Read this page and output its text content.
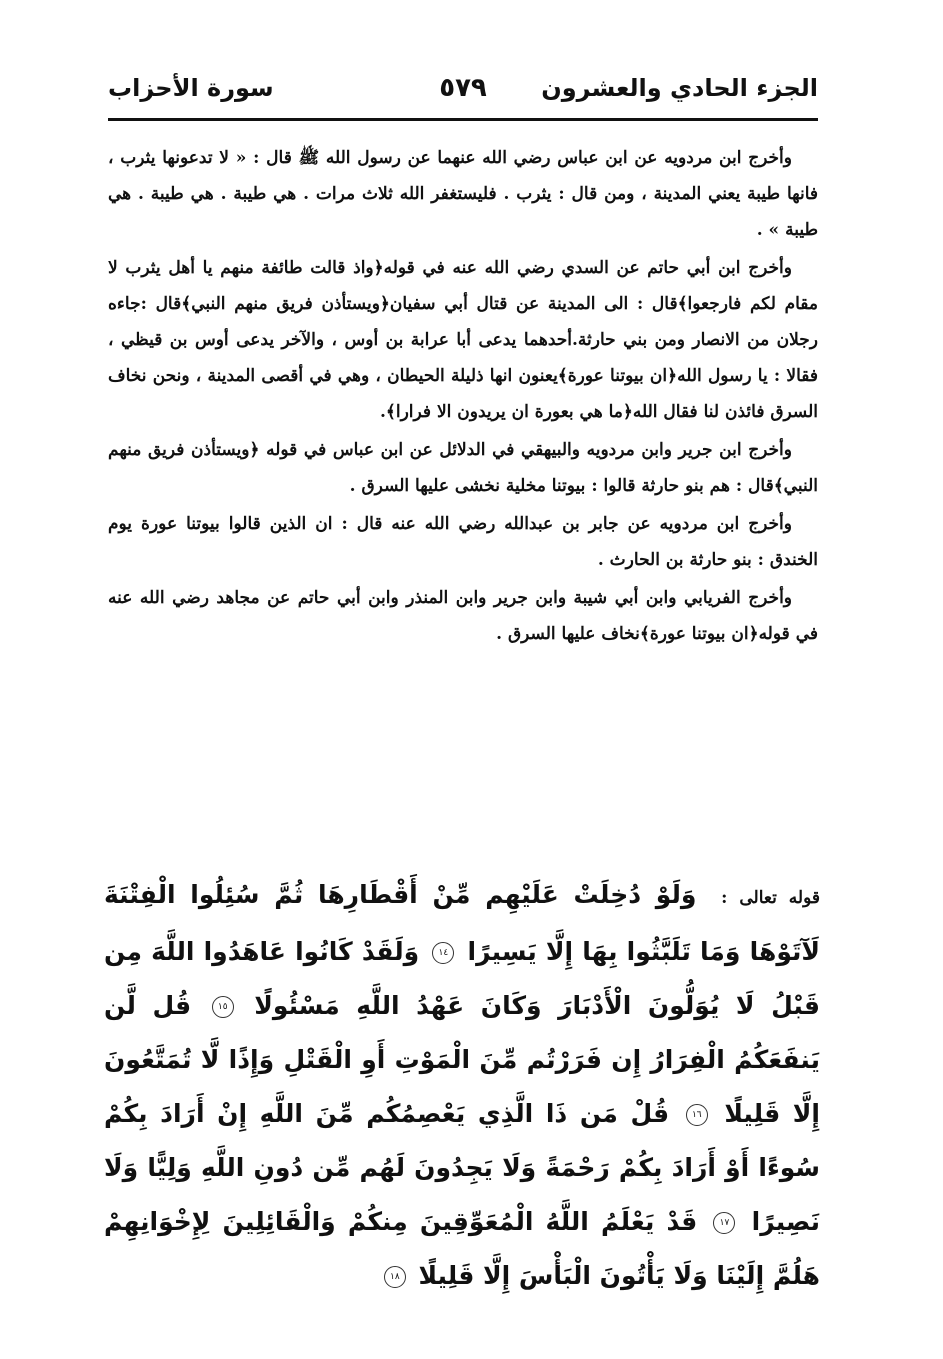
الجزء الحادي والعشرون
٥٧٩
سورة الأحزاب

وأخرج ابن مردويه عن ابن عباس رضي الله عنهما عن رسول الله ﷺ قال : « لا تدعونها يثرب ، فانها طيبة يعني المدينة ، ومن قال : يثرب . فليستغفر الله ثلاث مرات . هي طيبة . هي طيبة . هي طيبة » .

وأخرج ابن أبي حاتم عن السدي رضي الله عنه في قوله﴿واذ قالت طائفة منهم يا أهل يثرب لا مقام لكم فارجعوا﴾قال : الى المدينة عن قتال أبي سفيان﴿ويستأذن فريق منهم النبي﴾قال :جاءه رجلان من الانصار ومن بني حارثة.أحدهما يدعى أبا عرابة بن أوس ، والآخر يدعى أوس بن قيظي ، فقالا : يا رسول الله﴿ان بيوتنا عورة﴾يعنون انها ذليلة الحيطان ، وهي في أقصى المدينة ، ونحن نخاف السرق فائذن لنا فقال الله﴿ما هي بعورة ان يريدون الا فرارا﴾.

وأخرج ابن جرير وابن مردويه والبيهقي في الدلائل عن ابن عباس في قوله ﴿ويستأذن فريق منهم النبي﴾قال : هم بنو حارثة قالوا : بيوتنا مخلية نخشى عليها السرق .

وأخرج ابن مردويه عن جابر بن عبدالله رضي الله عنه قال : ان الذين قالوا بيوتنا عورة يوم الخندق : بنو حارثة بن الحارث .

وأخرج الفريابي وابن أبي شيبة وابن جرير وابن المنذر وابن أبي حاتم عن مجاهد رضي الله عنه في قوله﴿ان بيوتنا عورة﴾نخاف عليها السرق .

قوله تعالى : وَلَوْ دُخِلَتْ عَلَيْهِم مِّنْ أَقْطَارِهَا ثُمَّ سُئِلُوا الْفِتْنَةَ لَآتَوْهَا وَمَا تَلَبَّثُوا بِهَا إِلَّا يَسِيرًا ١٤ وَلَقَدْ كَانُوا عَاهَدُوا اللَّهَ مِن قَبْلُ لَا يُوَلُّونَ الْأَدْبَارَ وَكَانَ عَهْدُ اللَّهِ مَسْئُولًا ١٥ قُل لَّن يَنفَعَكُمُ الْفِرَارُ إِن فَرَرْتُم مِّنَ الْمَوْتِ أَوِ الْقَتْلِ وَإِذًا لَّا تُمَتَّعُونَ إِلَّا قَلِيلًا ١٦ قُلْ مَن ذَا الَّذِي يَعْصِمُكُم مِّنَ اللَّهِ إِنْ أَرَادَ بِكُمْ سُوءًا أَوْ أَرَادَ بِكُمْ رَحْمَةً وَلَا يَجِدُونَ لَهُم مِّن دُونِ اللَّهِ وَلِيًّا وَلَا نَصِيرًا ١٧ قَدْ يَعْلَمُ اللَّهُ الْمُعَوِّقِينَ مِنكُمْ وَالْقَائِلِينَ لِإِخْوَانِهِمْ هَلُمَّ إِلَيْنَا وَلَا يَأْتُونَ الْبَأْسَ إِلَّا قَلِيلًا ١٨
